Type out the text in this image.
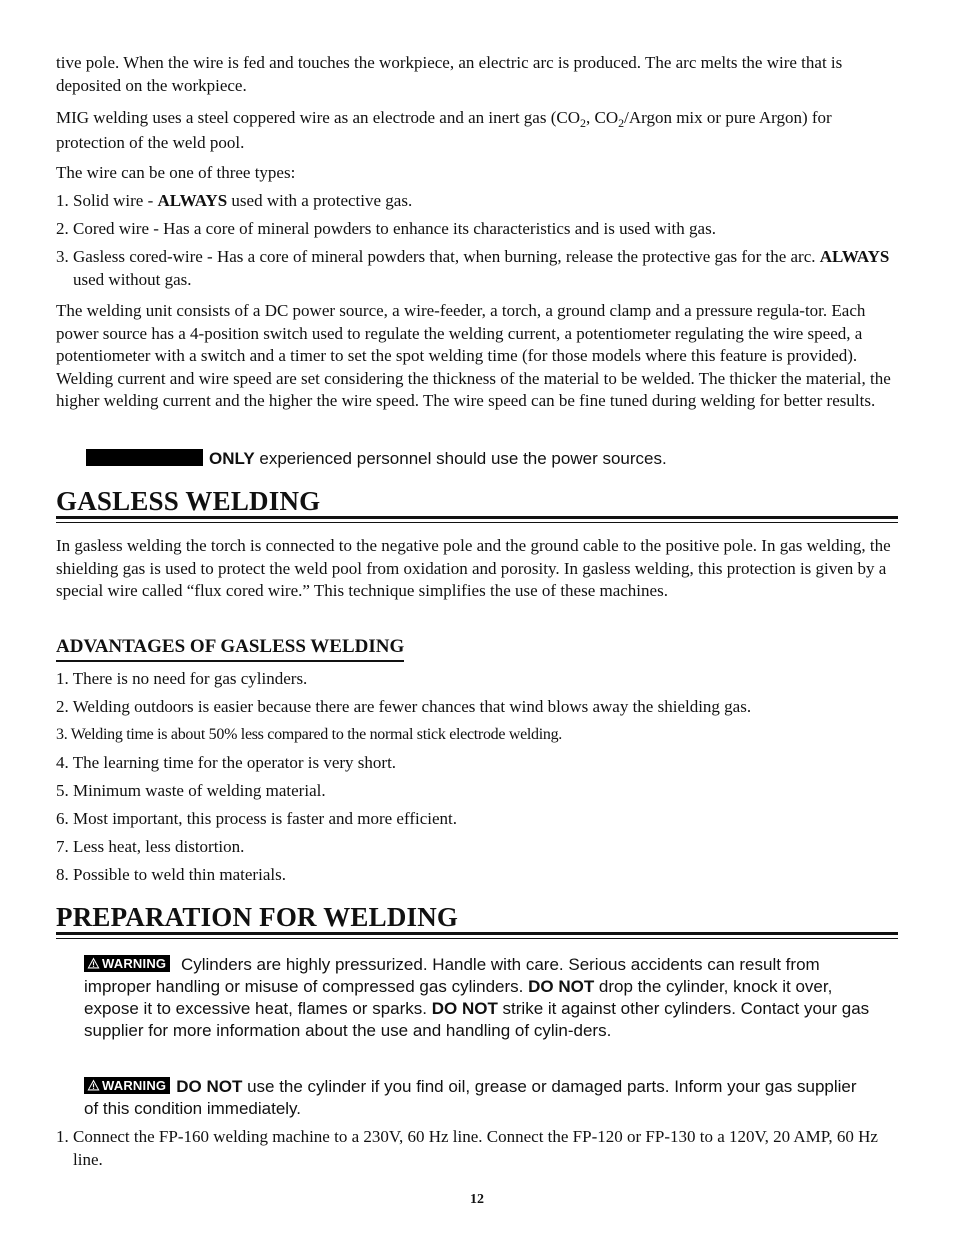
tive pole. When the wire is fed and touches the workpiece, an electric arc is produced. The arc melts the wire that is deposited on the workpiece.

MIG welding uses a steel coppered wire as an electrode and an inert gas ($CO_2$, $CO_2$/Argon mix or pure Argon) for protection of the weld pool.

The wire can be one of three types:

1. Solid wire - ALWAYS used with a protective gas.

2. Cored wire - Has a core of mineral powders to enhance its characteristics and is used with gas.

3. Gasless cored-wire - Has a core of mineral powders that, when burning, release the protective gas for the arc. ALWAYS used without gas.

The welding unit consists of a DC power source, a wire-feeder, a torch, a ground clamp and a pressure regula-tor. Each power source has a 4-position switch used to regulate the welding current, a potentiometer regulating the wire speed, a potentiometer with a switch and a timer to set the spot welding time (for those models where this feature is provided). Welding current and wire speed are set considering the thickness of the material to be welded. The thicker the material, the higher welding current and the higher the wire speed. The wire speed can be fine tuned during welding for better results.

ONLY experienced personnel should use the power sources.

GASLESS WELDING

In gasless welding the torch is connected to the negative pole and the ground cable to the positive pole. In gas welding, the shielding gas is used to protect the weld pool from oxidation and porosity. In gasless welding, this protection is given by a special wire called “flux cored wire.” This technique simplifies the use of these machines.

ADVANTAGES OF GASLESS WELDING

1. There is no need for gas cylinders.

2. Welding outdoors is easier because there are fewer chances that wind blows away the shielding gas.

3. Welding time is about 50% less compared to the normal stick electrode welding.

4. The learning time for the operator is very short.

5. Minimum waste of welding material.

6. Most important, this process is faster and more efficient.

7. Less heat, less distortion.

8. Possible to weld thin materials.

PREPARATION FOR WELDING

WARNING Cylinders are highly pressurized. Handle with care. Serious accidents can result from improper handling or misuse of compressed gas cylinders. DO NOT drop the cylinder, knock it over, expose it to excessive heat, flames or sparks. DO NOT strike it against other cylinders. Contact your gas supplier for more information about the use and handling of cylin-ders.

WARNING DO NOT use the cylinder if you find oil, grease or damaged parts. Inform your gas supplier of this condition immediately.

1. Connect the FP-160 welding machine to a 230V, 60 Hz line. Connect the FP-120 or FP-130 to a 120V, 20 AMP, 60 Hz line.

12
